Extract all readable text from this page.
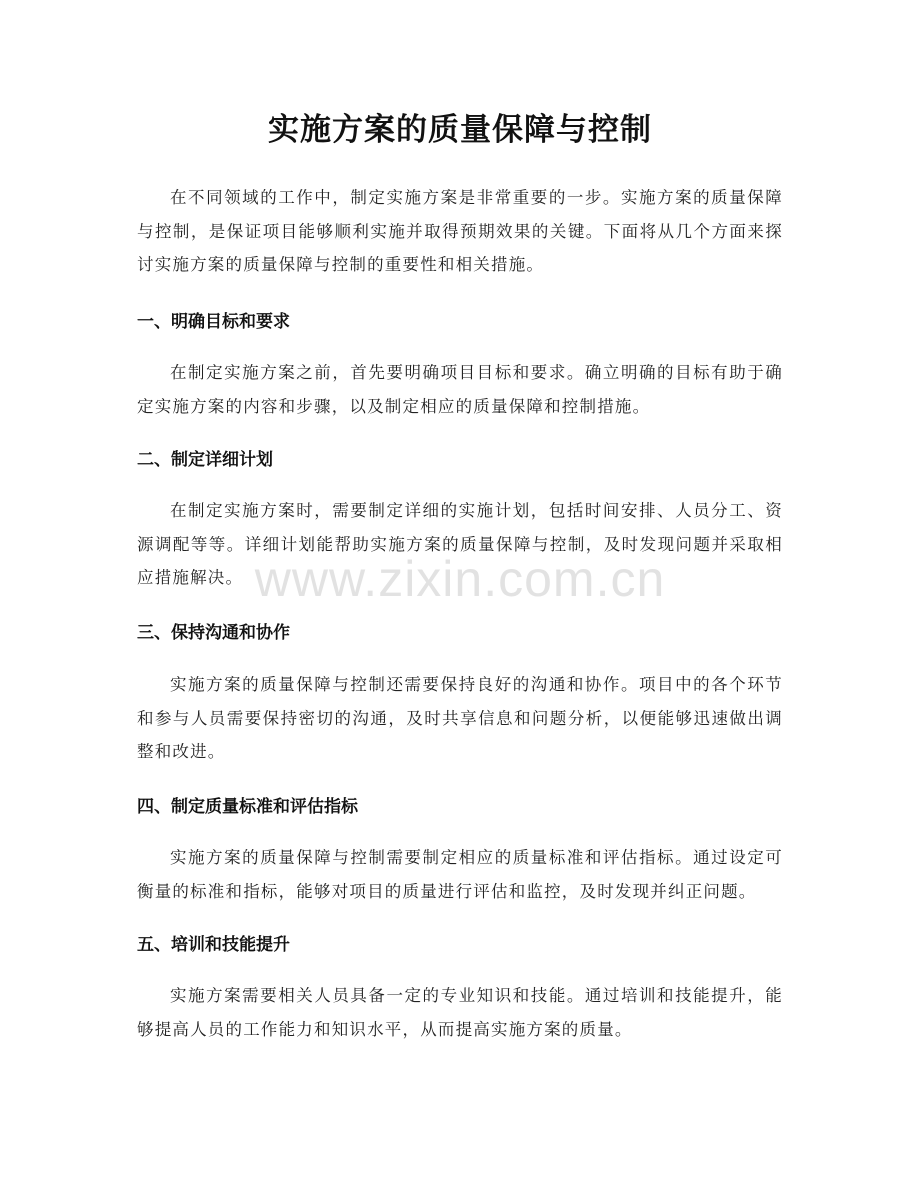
实施方案的质量保障与控制

在不同领域的工作中，制定实施方案是非常重要的一步。实施方案的质量保障与控制，是保证项目能够顺利实施并取得预期效果的关键。下面将从几个方面来探讨实施方案的质量保障与控制的重要性和相关措施。

一、明确目标和要求

在制定实施方案之前，首先要明确项目目标和要求。确立明确的目标有助于确定实施方案的内容和步骤，以及制定相应的质量保障和控制措施。

二、制定详细计划

在制定实施方案时，需要制定详细的实施计划，包括时间安排、人员分工、资源调配等等。详细计划能帮助实施方案的质量保障与控制，及时发现问题并采取相应措施解决。

三、保持沟通和协作

实施方案的质量保障与控制还需要保持良好的沟通和协作。项目中的各个环节和参与人员需要保持密切的沟通，及时共享信息和问题分析，以便能够迅速做出调整和改进。

四、制定质量标准和评估指标

实施方案的质量保障与控制需要制定相应的质量标准和评估指标。通过设定可衡量的标准和指标，能够对项目的质量进行评估和监控，及时发现并纠正问题。

五、培训和技能提升

实施方案需要相关人员具备一定的专业知识和技能。通过培训和技能提升，能够提高人员的工作能力和知识水平，从而提高实施方案的质量。

www.zixin.com.cn
